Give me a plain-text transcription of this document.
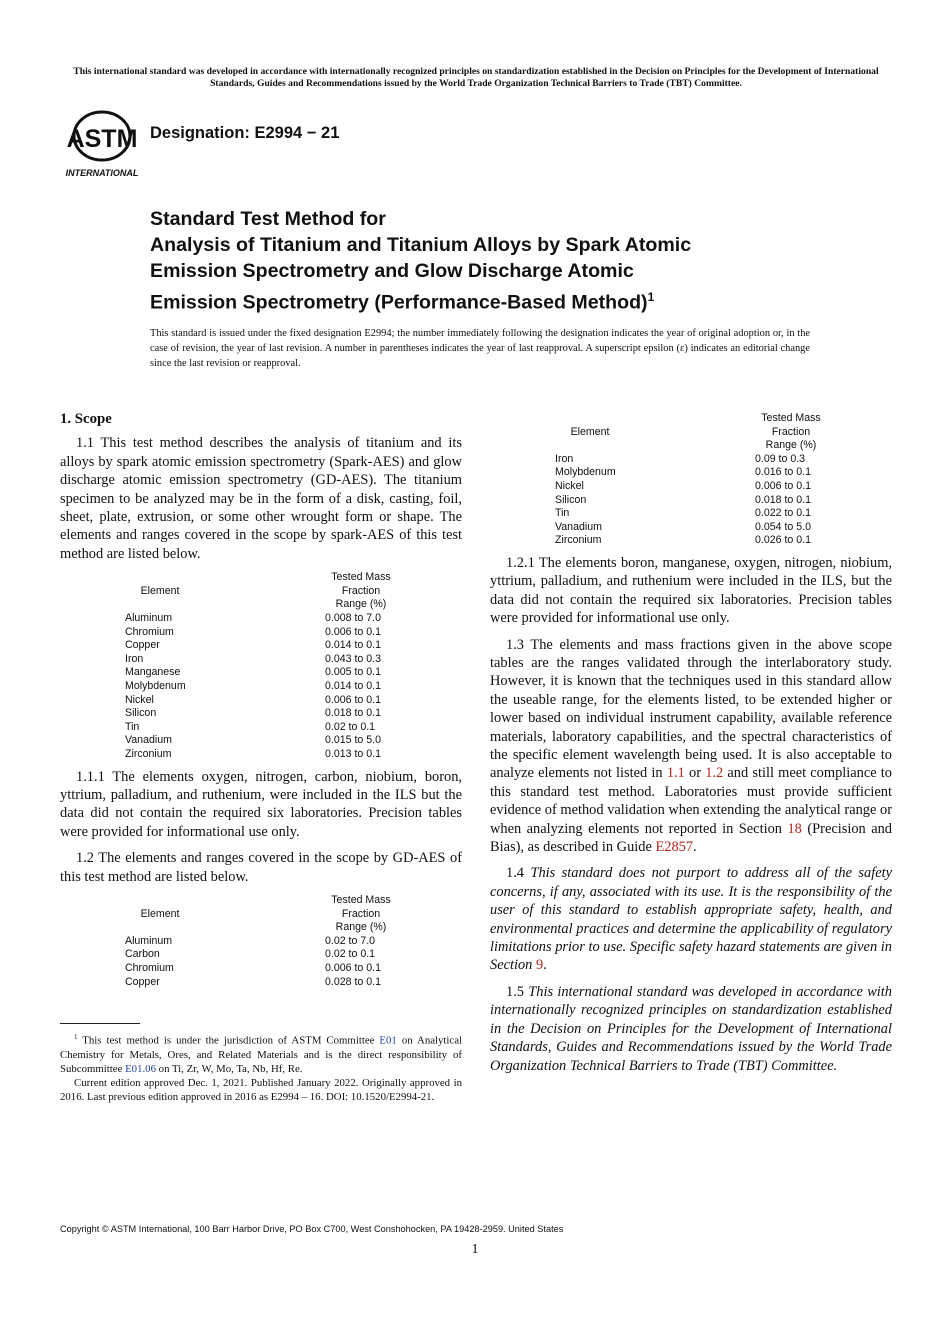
This international standard was developed in accordance with internationally recognized principles on standardization established in the Decision on Principles for the Development of International Standards, Guides and Recommendations issued by the World Trade Organization Technical Barriers to Trade (TBT) Committee.
ASTM
INTERNATIONAL
Designation: E2994 − 21
Standard Test Method for
Analysis of Titanium and Titanium Alloys by Spark Atomic
Emission Spectrometry and Glow Discharge Atomic
Emission Spectrometry (Performance-Based Method)$^1$
This standard is issued under the fixed designation E2994; the number immediately following the designation indicates the year of original adoption or, in the case of revision, the year of last revision. A number in parentheses indicates the year of last reapproval. A superscript epsilon (ε) indicates an editorial change since the last revision or reapproval.
1. Scope

1.1 This test method describes the analysis of titanium and its alloys by spark atomic emission spectrometry (Spark-AES) and glow discharge atomic emission spectrometry (GD-AES). The titanium specimen to be analyzed may be in the form of a disk, casting, foil, sheet, plate, extrusion, or some other wrought form or shape. The elements and ranges covered in the scope by spark-AES of this test method are listed below.

Element	Tested Mass
Fraction
Range (%)

Aluminum	0.008 to 7.0
Chromium	0.006 to 0.1
Copper	0.014 to 0.1
Iron	0.043 to 0.3
Manganese	0.005 to 0.1
Molybdenum	0.014 to 0.1
Nickel	0.006 to 0.1
Silicon	0.018 to 0.1
Tin	0.02 to 0.1
Vanadium	0.015 to 5.0
Zirconium	0.013 to 0.1

1.1.1 The elements oxygen, nitrogen, carbon, niobium, boron, yttrium, palladium, and ruthenium, were included in the ILS but the data did not contain the required six laboratories. Precision tables were provided for informational use only.

1.2 The elements and ranges covered in the scope by GD-AES of this test method are listed below.

Element	Tested Mass
Fraction
Range (%)

Aluminum	0.02 to 7.0
Carbon	0.02 to 0.1
Chromium	0.006 to 0.1
Copper	0.028 to 0.1
Element	Tested Mass
Fraction
Range (%)

Iron	0.09 to 0.3
Molybdenum	0.016 to 0.1
Nickel	0.006 to 0.1
Silicon	0.018 to 0.1
Tin	0.022 to 0.1
Vanadium	0.054 to 5.0
Zirconium	0.026 to 0.1

1.2.1 The elements boron, manganese, oxygen, nitrogen, niobium, yttrium, palladium, and ruthenium were included in the ILS, but the data did not contain the required six laboratories. Precision tables were provided for informational use only.

1.3 The elements and mass fractions given in the above scope tables are the ranges validated through the interlaboratory study. However, it is known that the techniques used in this standard allow the useable range, for the elements listed, to be extended higher or lower based on individual instrument capability, available reference materials, laboratory capabilities, and the spectral characteristics of the specific element wavelength being used. It is also acceptable to analyze elements not listed in 1.1 or 1.2 and still meet compliance to this standard test method. Laboratories must provide sufficient evidence of method validation when extending the analytical range or when analyzing elements not reported in Section 18 (Precision and Bias), as described in Guide E2857.

1.4 This standard does not purport to address all of the safety concerns, if any, associated with its use. It is the responsibility of the user of this standard to establish appropriate safety, health, and environmental practices and determine the applicability of regulatory limitations prior to use. Specific safety hazard statements are given in Section 9.

1.5 This international standard was developed in accordance with internationally recognized principles on standardization established in the Decision on Principles for the Development of International Standards, Guides and Recommendations issued by the World Trade Organization Technical Barriers to Trade (TBT) Committee.

$^1$ This test method is under the jurisdiction of ASTM Committee E01 on Analytical Chemistry for Metals, Ores, and Related Materials and is the direct responsibility of Subcommittee E01.06 on Ti, Zr, W, Mo, Ta, Nb, Hf, Re.

Current edition approved Dec. 1, 2021. Published January 2022. Originally approved in 2016. Last previous edition approved in 2016 as E2994 – 16. DOI: 10.1520/E2994-21.

Copyright © ASTM International, 100 Barr Harbor Drive, PO Box C700, West Conshohocken, PA 19428-2959. United States
1
